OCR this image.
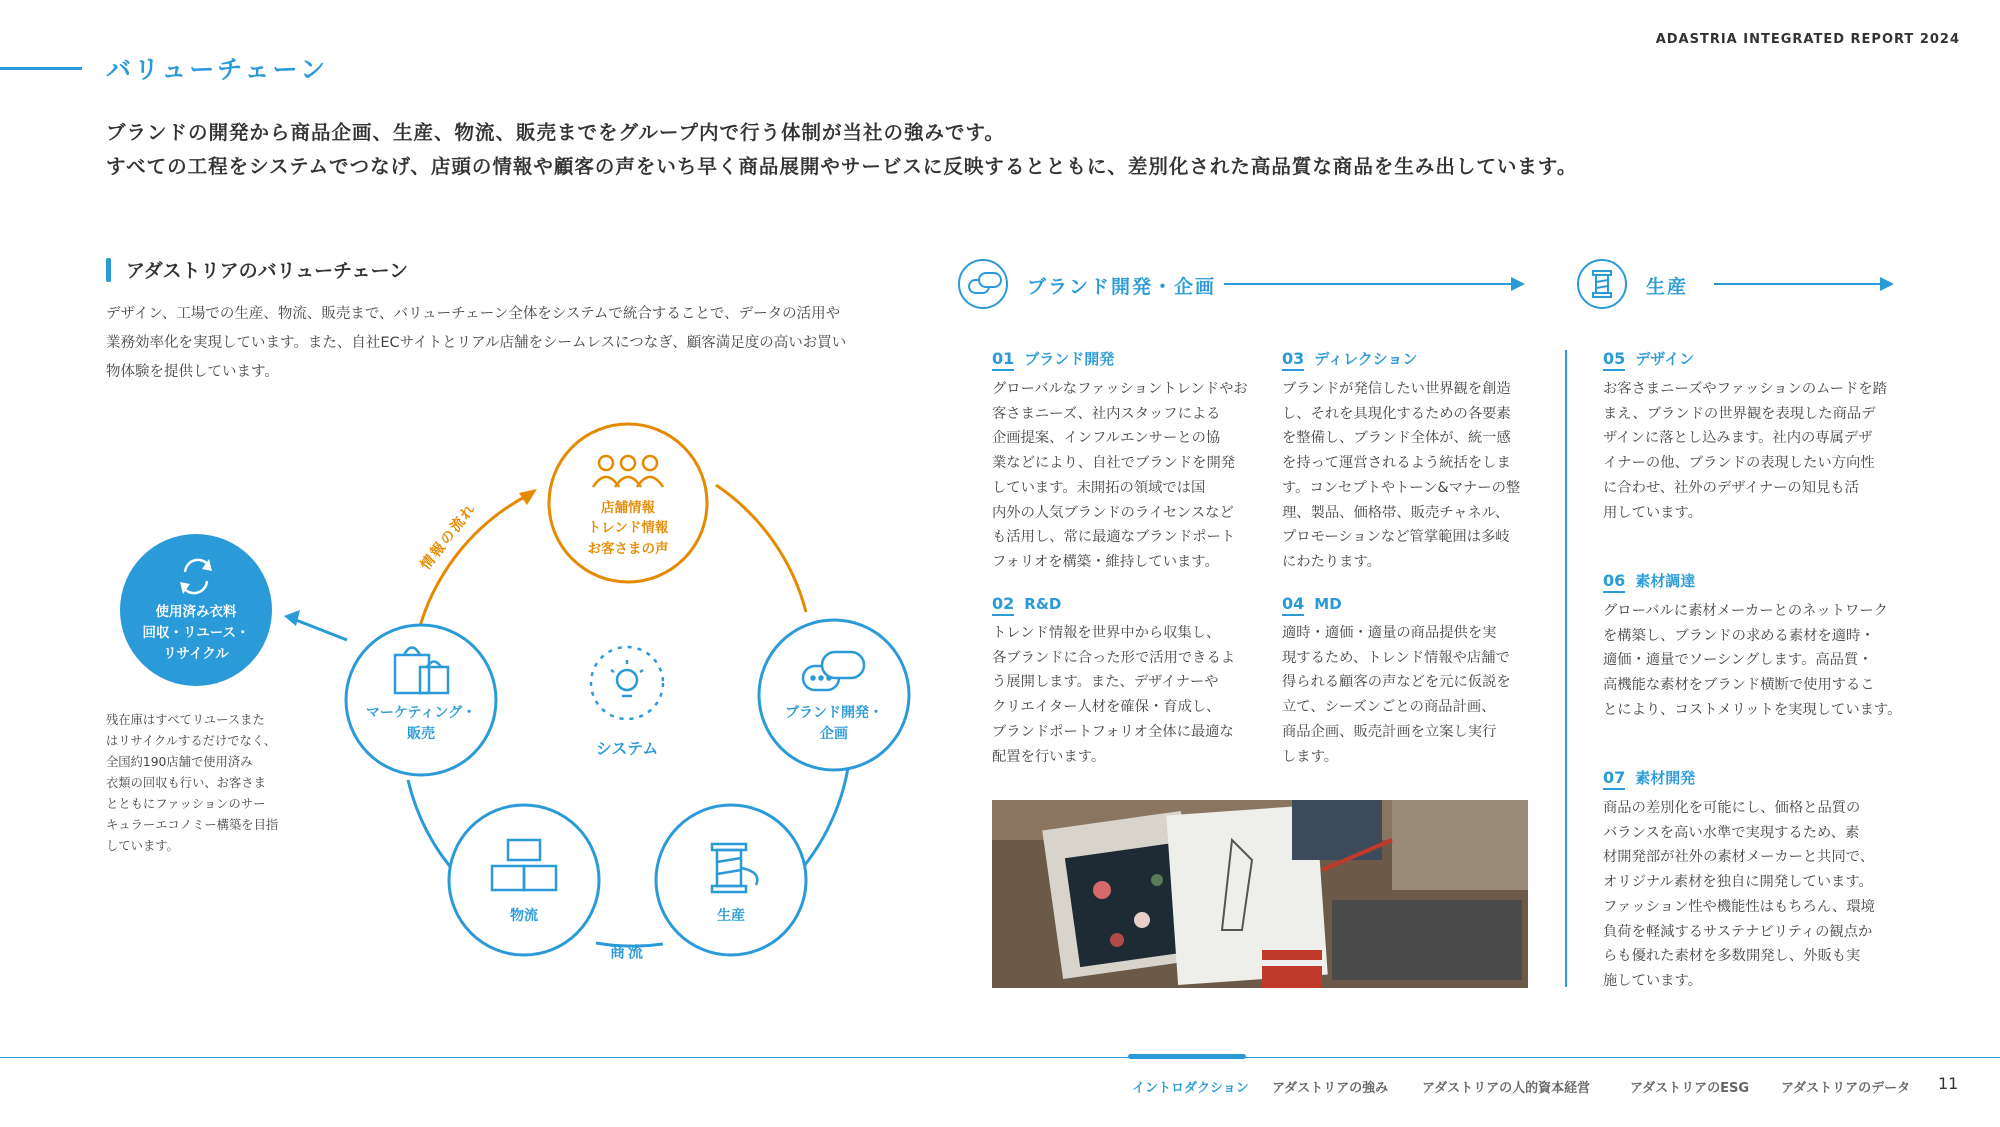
ADASTRIA INTEGRATED REPORT 2024
バリューチェーン
ブランドの開発から商品企画、生産、物流、販売までをグループ内で行う体制が当社の強みです。
すべての工程をシステムでつなげ、店頭の情報や顧客の声をいち早く商品展開やサービスに反映するとともに、差別化された高品質な商品を生み出しています。
アダストリアのバリューチェーン
デザイン、工場での生産、物流、販売まで、バリューチェーン全体をシステムで統合することで、データの活用や
業務効率化を実現しています。また、自社ECサイトとリアル店舗をシームレスにつなぎ、顧客満足度の高いお買い
物体験を提供しています。
店舗情報
トレンド情報
お客さまの声
情報の流れ
使用済み衣料
回収・リユース・
リサイクル
マーケティング・
販売
ブランド開発・
企画
システム
物流	生産
商流
残在庫はすべてリユースまた
はリサイクルするだけでなく、
全国約190店舗で使用済み
衣類の回収も行い、お客さま
とともにファッションのサー
キュラーエコノミー構築を目指
しています。
ブランド開発・企画	生産
01 ブランド開発
グローバルなファッショントレンドやお
客さまニーズ、社内スタッフによる
企画提案、インフルエンサーとの協
業などにより、自社でブランドを開発
しています。未開拓の領域では国
内外の人気ブランドのライセンスなど
も活用し、常に最適なブランドポート
フォリオを構築・維持しています。
02 R&D
トレンド情報を世界中から収集し、
各ブランドに合った形で活用できるよ
う展開します。また、デザイナーや
クリエイター人材を確保・育成し、
ブランドポートフォリオ全体に最適な
配置を行います。
03 ディレクション
ブランドが発信したい世界観を創造
し、それを具現化するための各要素
を整備し、ブランド全体が、統一感
を持って運営されるよう統括をしま
す。コンセプトやトーン&マナーの整
理、製品、価格帯、販売チャネル、
プロモーションなど管掌範囲は多岐
にわたります。
04 MD
適時・適価・適量の商品提供を実
現するため、トレンド情報や店舗で
得られる顧客の声などを元に仮説を
立て、シーズンごとの商品計画、
商品企画、販売計画を立案し実行
します。
05 デザイン
お客さまニーズやファッションのムードを踏
まえ、ブランドの世界観を表現した商品デ
ザインに落とし込みます。社内の専属デザ
イナーの他、ブランドの表現したい方向性
に合わせ、社外のデザイナーの知見も活
用しています。
06 素材調達
グローバルに素材メーカーとのネットワーク
を構築し、ブランドの求める素材を適時・
適価・適量でソーシングします。高品質・
高機能な素材をブランド横断で使用するこ
とにより、コストメリットを実現しています。
07 素材開発
商品の差別化を可能にし、価格と品質の
バランスを高い水準で実現するため、素
材開発部が社外の素材メーカーと共同で、
オリジナル素材を独自に開発しています。
ファッション性や機能性はもちろん、環境
負荷を軽減するサステナビリティの観点か
らも優れた素材を多数開発し、外販も実
施しています。
イントロダクション アダストリアの強み	アダストリアの人的資本経営	アダストリアのESG アダストリアのデータ 11
